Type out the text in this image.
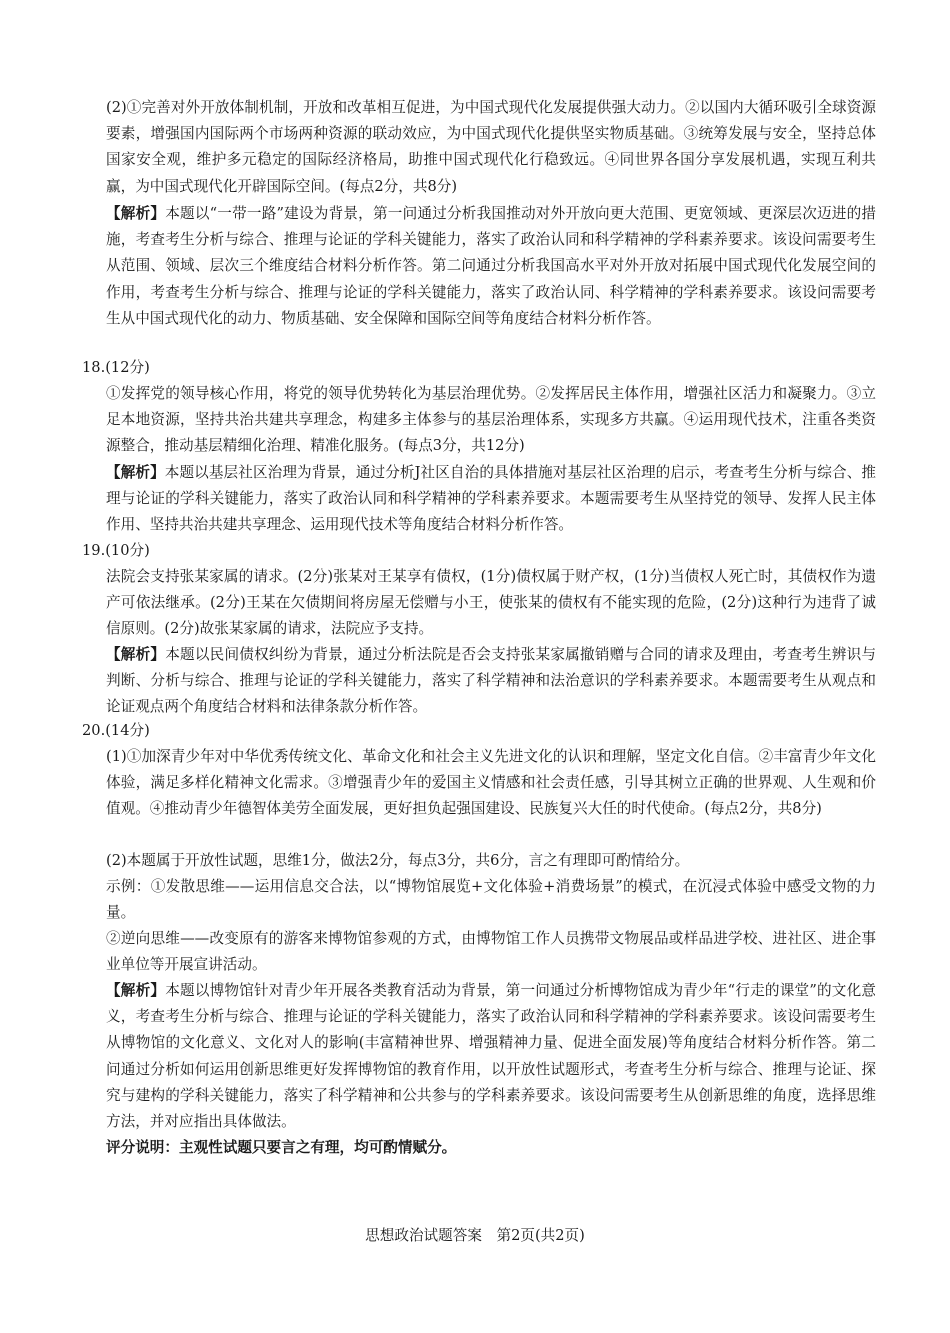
(2)①完善对外开放体制机制，开放和改革相互促进，为中国式现代化发展提供强大动力。②以国内大循环吸引全球资源要素，增强国内国际两个市场两种资源的联动效应，为中国式现代化提供坚实物质基础。③统筹发展与安全，坚持总体国家安全观，维护多元稳定的国际经济格局，助推中国式现代化行稳致远。④同世界各国分享发展机遇，实现互利共赢，为中国式现代化开辟国际空间。(每点2分，共8分)

【解析】本题以“一带一路”建设为背景，第一问通过分析我国推动对外开放向更大范围、更宽领域、更深层次迈进的措施，考查考生分析与综合、推理与论证的学科关键能力，落实了政治认同和科学精神的学科素养要求。该设问需要考生从范围、领域、层次三个维度结合材料分析作答。第二问通过分析我国高水平对外开放对拓展中国式现代化发展空间的作用，考查考生分析与综合、推理与论证的学科关键能力，落实了政治认同、科学精神的学科素养要求。该设问需要考生从中国式现代化的动力、物质基础、安全保障和国际空间等角度结合材料分析作答。

18.(12分)

①发挥党的领导核心作用，将党的领导优势转化为基层治理优势。②发挥居民主体作用，增强社区活力和凝聚力。③立足本地资源，坚持共治共建共享理念，构建多主体参与的基层治理体系，实现多方共赢。④运用现代技术，注重各类资源整合，推动基层精细化治理、精准化服务。(每点3分，共12分)

【解析】本题以基层社区治理为背景，通过分析J社区自治的具体措施对基层社区治理的启示，考查考生分析与综合、推理与论证的学科关键能力，落实了政治认同和科学精神的学科素养要求。本题需要考生从坚持党的领导、发挥人民主体作用、坚持共治共建共享理念、运用现代技术等角度结合材料分析作答。

19.(10分)

法院会支持张某家属的请求。(2分)张某对王某享有债权，(1分)债权属于财产权，(1分)当债权人死亡时，其债权作为遗产可依法继承。(2分)王某在欠债期间将房屋无偿赠与小王，使张某的债权有不能实现的危险，(2分)这种行为违背了诚信原则。(2分)故张某家属的请求，法院应予支持。

【解析】本题以民间债权纠纷为背景，通过分析法院是否会支持张某家属撤销赠与合同的请求及理由，考查考生辨识与判断、分析与综合、推理与论证的学科关键能力，落实了科学精神和法治意识的学科素养要求。本题需要考生从观点和论证观点两个角度结合材料和法律条款分析作答。

20.(14分)

(1)①加深青少年对中华优秀传统文化、革命文化和社会主义先进文化的认识和理解，坚定文化自信。②丰富青少年文化体验，满足多样化精神文化需求。③增强青少年的爱国主义情感和社会责任感，引导其树立正确的世界观、人生观和价值观。④推动青少年德智体美劳全面发展，更好担负起强国建设、民族复兴大任的时代使命。(每点2分，共8分)

(2)本题属于开放性试题，思维1分，做法2分，每点3分，共6分，言之有理即可酌情给分。

示例：①发散思维——运用信息交合法，以“博物馆展览+文化体验+消费场景”的模式，在沉浸式体验中感受文物的力量。

②逆向思维——改变原有的游客来博物馆参观的方式，由博物馆工作人员携带文物展品或样品进学校、进社区、进企事业单位等开展宣讲活动。

【解析】本题以博物馆针对青少年开展各类教育活动为背景，第一问通过分析博物馆成为青少年“行走的课堂”的文化意义，考查考生分析与综合、推理与论证的学科关键能力，落实了政治认同和科学精神的学科素养要求。该设问需要考生从博物馆的文化意义、文化对人的影响(丰富精神世界、增强精神力量、促进全面发展)等角度结合材料分析作答。第二问通过分析如何运用创新思维更好发挥博物馆的教育作用，以开放性试题形式，考查考生分析与综合、推理与论证、探究与建构的学科关键能力，落实了科学精神和公共参与的学科素养要求。该设问需要考生从创新思维的角度，选择思维方法，并对应指出具体做法。

评分说明：主观性试题只要言之有理，均可酌情赋分。

思想政治试题答案　第2页(共2页)
